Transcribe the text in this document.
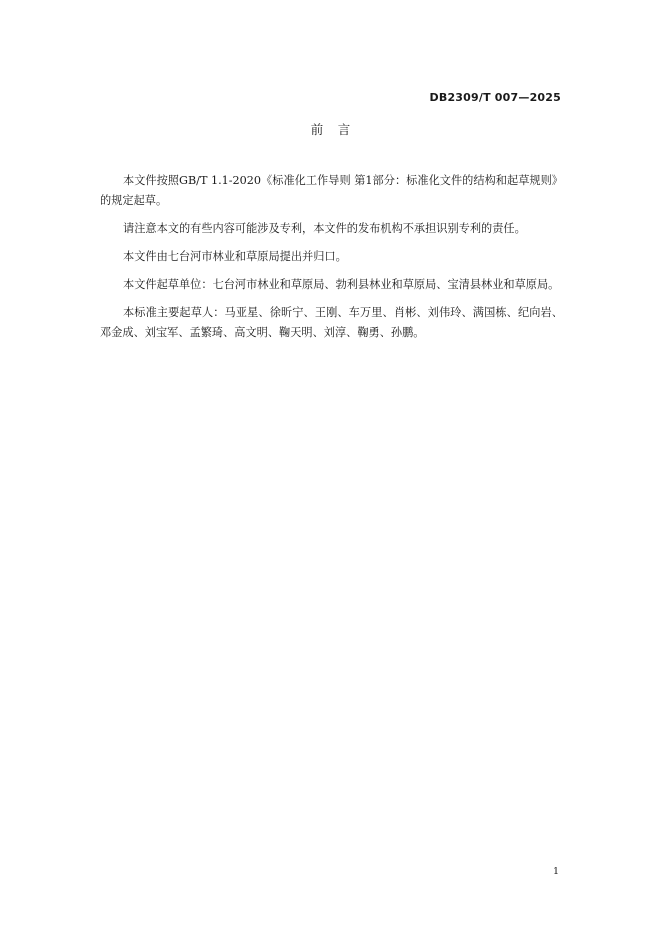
DB2309/T 007—2025
前　言

本文件按照GB/T 1.1-2020《标准化工作导则 第1部分：标准化文件的结构和起草规则》的规定起草。

请注意本文的有些内容可能涉及专利，本文件的发布机构不承担识别专利的责任。

本文件由七台河市林业和草原局提出并归口。

本文件起草单位：七台河市林业和草原局、勃利县林业和草原局、宝清县林业和草原局。

本标准主要起草人：马亚星、徐昕宁、王刚、车万里、肖彬、刘伟玲、满国栋、纪向岩、邓金成、刘宝军、孟繁琦、高文明、鞠天明、刘淳、鞠勇、孙鹏。

1
